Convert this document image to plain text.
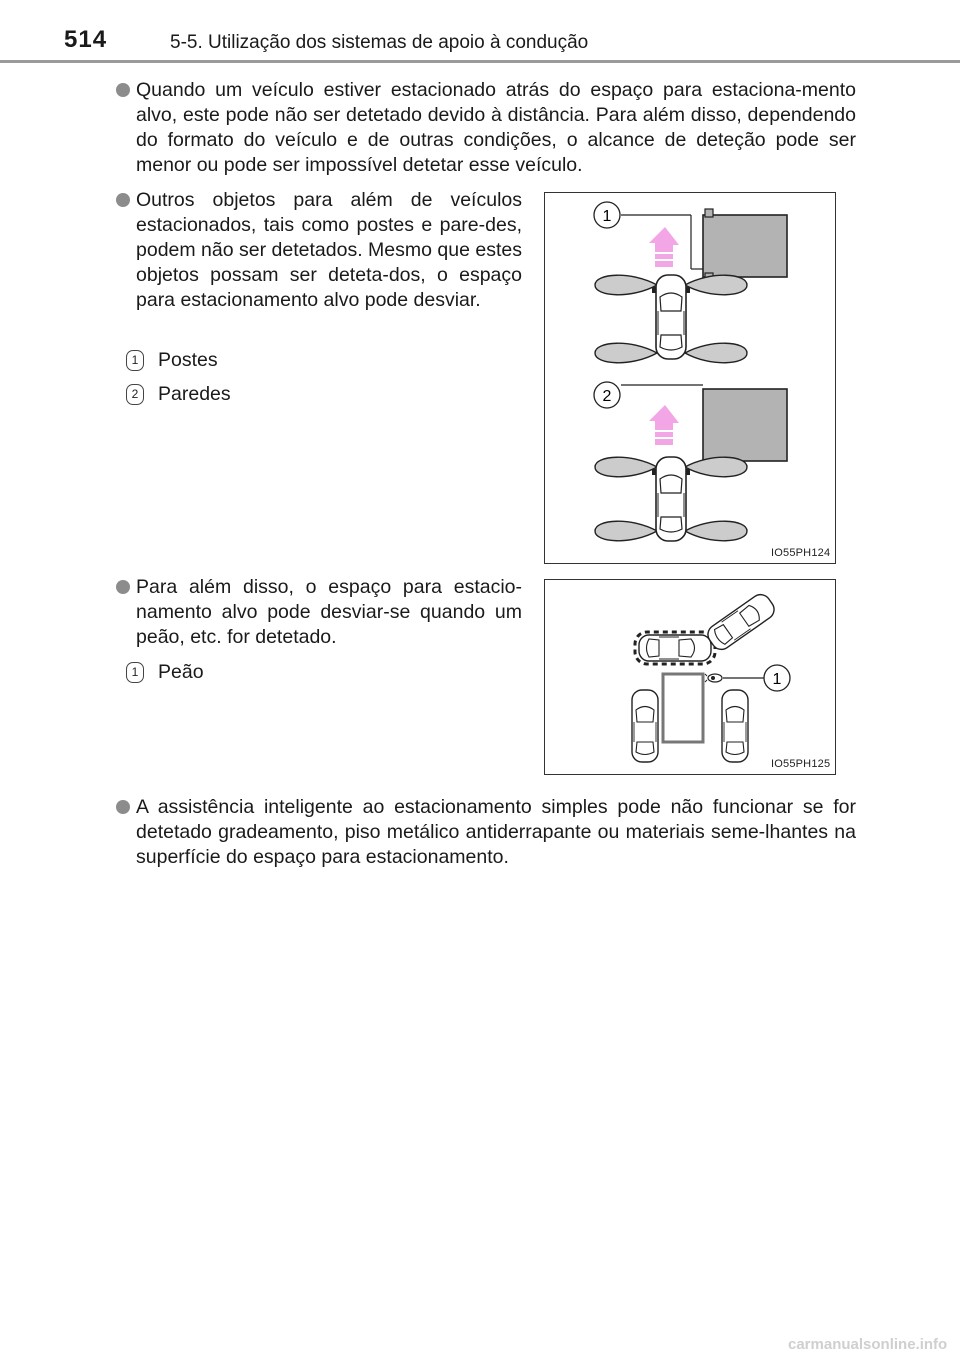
514	5-5. Utilização dos sistemas de apoio à condução
Quando um veículo estiver estacionado atrás do espaço para estaciona-mento alvo, este pode não ser detetado devido à distância. Para além disso, dependendo do formato do veículo e de outras condições, o alcance de deteção pode ser menor ou pode ser impossível detetar esse veículo.
Outros objetos para além de veículos estacionados, tais como postes e pare-des, podem não ser detetados. Mesmo que estes objetos possam ser deteta-dos, o espaço para estacionamento alvo pode desviar.
1 Postes
2 Paredes
1
2
IO55PH124
Para além disso, o espaço para estacio-namento alvo pode desviar-se quando um peão, etc. for detetado.
1 Peão	1
IO55PH125
A assistência inteligente ao estacionamento simples pode não funcionar se for detetado gradeamento, piso metálico antiderrapante ou materiais seme-lhantes na superfície do espaço para estacionamento.
carmanualsonline.info
